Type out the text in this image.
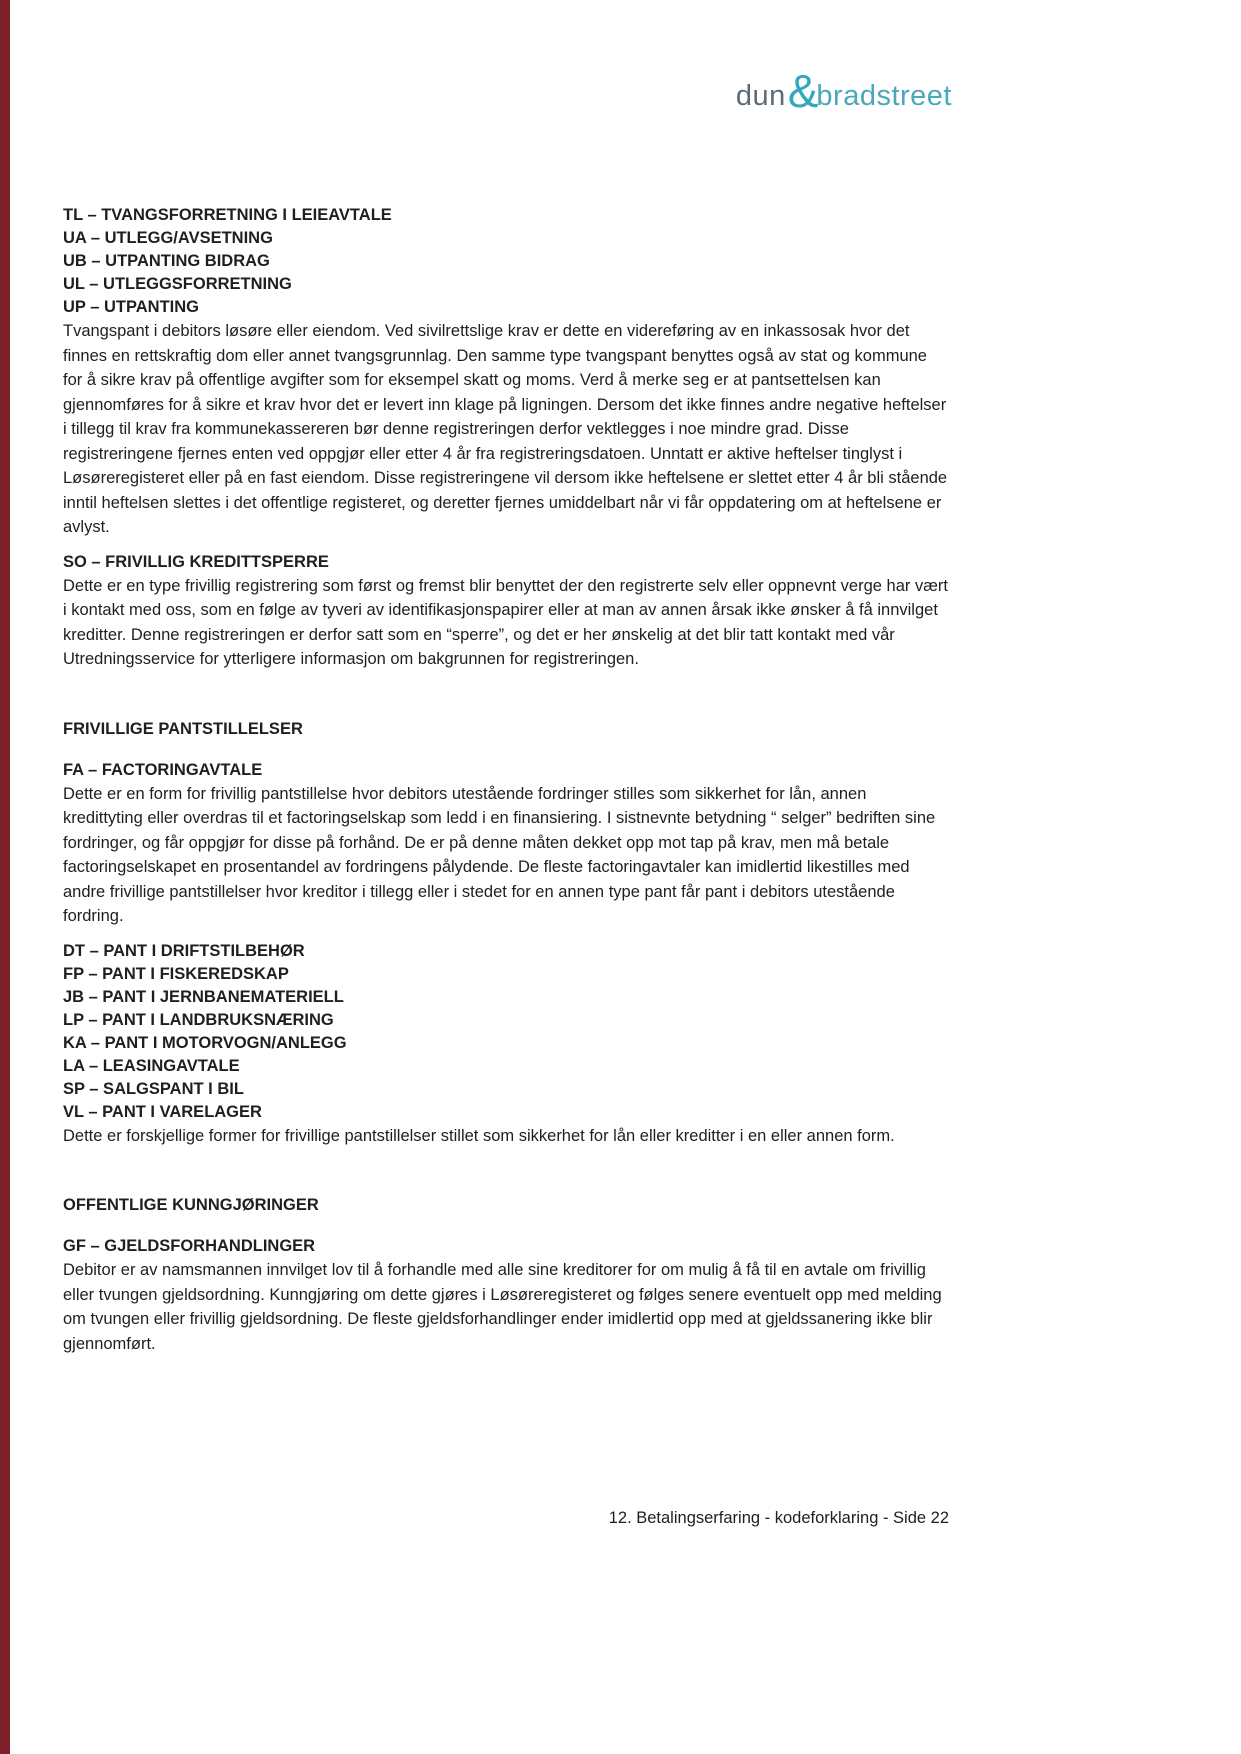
dun &
bradstreet
TL – TVANGSFORRETNING I LEIEAVTALE
UA – UTLEGG/AVSETNING
UB – UTPANTING BIDRAG
UL – UTLEGGSFORRETNING
UP – UTPANTING

Tvangspant i debitors løsøre eller eiendom. Ved sivilrettslige krav er dette en videreføring av en inkassosak hvor det finnes en rettskraftig dom eller annet tvangsgrunnlag. Den samme type tvangspant benyttes også av stat og kommune for å sikre krav på offentlige avgifter som for eksempel skatt og moms. Verd å merke seg er at pantsettelsen kan gjennomføres for å sikre et krav hvor det er levert inn klage på ligningen. Dersom det ikke finnes andre negative heftelser i tillegg til krav fra kommunekassereren bør denne registreringen derfor vektlegges i noe mindre grad. Disse registreringene fjernes enten ved oppgjør eller etter 4 år fra registreringsdatoen. Unntatt er aktive heftelser tinglyst i Løsøreregisteret eller på en fast eiendom. Disse registreringene vil dersom ikke heftelsene er slettet etter 4 år bli stående inntil heftelsen slettes i det offentlige registeret, og deretter fjernes umiddelbart når vi får oppdatering om at heftelsene er avlyst.

SO – FRIVILLIG KREDITTSPERRE

Dette er en type frivillig registrering som først og fremst blir benyttet der den registrerte selv eller oppnevnt verge har vært i kontakt med oss, som en følge av tyveri av identifikasjonspapirer eller at man av annen årsak ikke ønsker å få innvilget kreditter. Denne registreringen er derfor satt som en “sperre”, og det er her ønskelig at det blir tatt kontakt med vår Utredningsservice for ytterligere informasjon om bakgrunnen for registreringen.

FRIVILLIGE PANTSTILLELSER
FA – FACTORINGAVTALE

Dette er en form for frivillig pantstillelse hvor debitors utestående fordringer stilles som sikkerhet for lån, annen kredittyting eller overdras til et factoringselskap som ledd i en finansiering. I sistnevnte betydning “ selger” bedriften sine fordringer, og får oppgjør for disse på forhånd. De er på denne måten dekket opp mot tap på krav, men må betale factoringselskapet en prosentandel av fordringens pålydende. De fleste factoringavtaler kan imidlertid likestilles med andre frivillige pantstillelser hvor kreditor i tillegg eller i stedet for en annen type pant får pant i debitors utestående fordring.

DT – PANT I DRIFTSTILBEHØR
FP – PANT I FISKEREDSKAP
JB – PANT I JERNBANEMATERIELL
LP – PANT I LANDBRUKSNÆRING
KA – PANT I MOTORVOGN/ANLEGG
LA – LEASINGAVTALE
SP – SALGSPANT I BIL
VL – PANT I VARELAGER

Dette er forskjellige former for frivillige pantstillelser stillet som sikkerhet for lån eller kreditter i en eller annen form.

OFFENTLIGE KUNNGJØRINGER
GF – GJELDSFORHANDLINGER

Debitor er av namsmannen innvilget lov til å forhandle med alle sine kreditorer for om mulig å få til en avtale om frivillig eller tvungen gjeldsordning. Kunngjøring om dette gjøres i Løsøreregisteret og følges senere eventuelt opp med melding om tvungen eller frivillig gjeldsordning. De fleste gjeldsforhandlinger ender imidlertid opp med at gjeldssanering ikke blir gjennomført.

12. Betalingserfaring - kodeforklaring - Side 22
